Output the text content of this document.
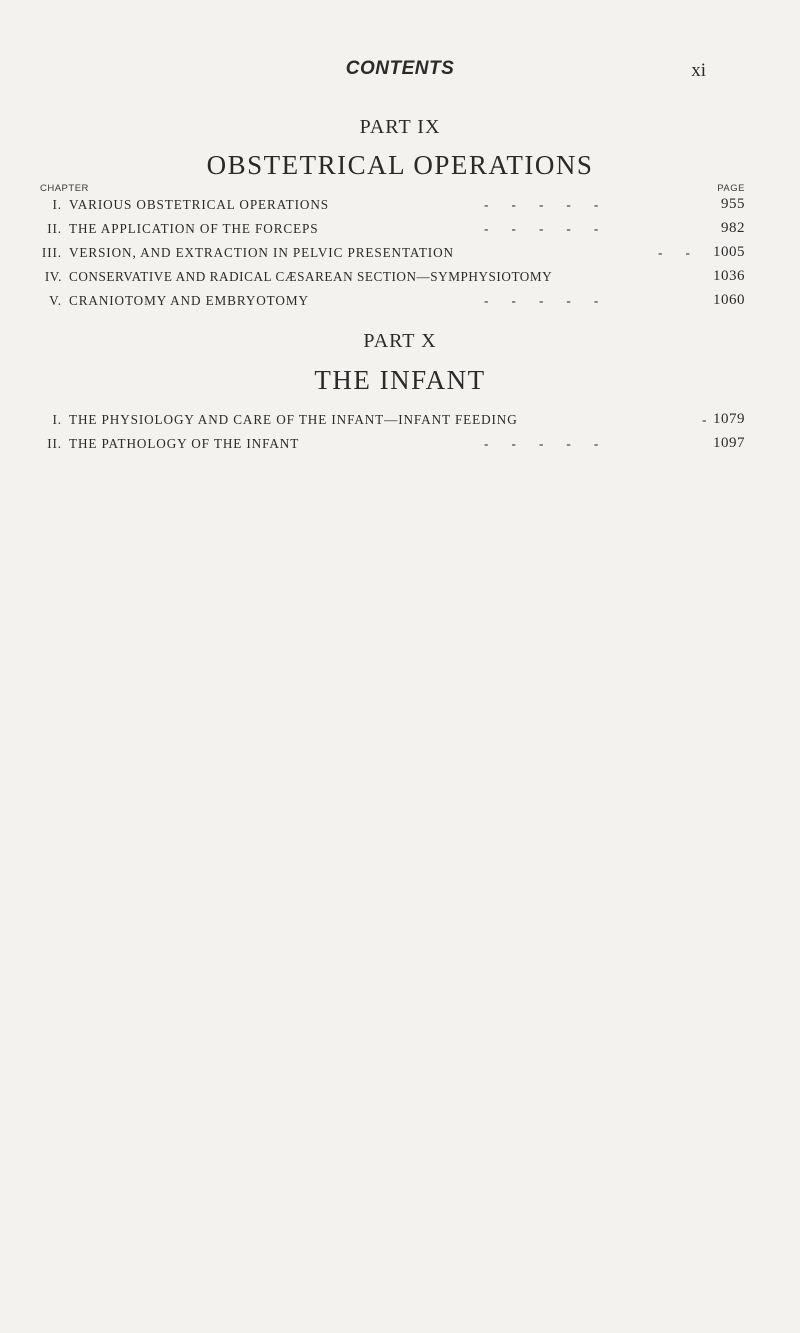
CONTENTS	xi
PART IX
OBSTETRICAL OPERATIONS
CHAPTER	PAGE
I. VARIOUS OBSTETRICAL OPERATIONS	-       -       -       -       -	955
II. THE APPLICATION OF THE FORCEPS	-       -       -       -       -	982
III. VERSION, AND EXTRACTION IN PELVIC PRESENTATION	-       - 1005
IV. CONSERVATIVE AND RADICAL CÆSAREAN SECTION—SYMPHYSIOTOMY	1036
V. CRANIOTOMY AND EMBRYOTOMY	-       -       -       -       -	1060
PART X
THE INFANT
I. THE PHYSIOLOGY AND CARE OF THE INFANT—INFANT FEEDING	- 1079
II. THE PATHOLOGY OF THE INFANT	-       -       -       -       -	1097
